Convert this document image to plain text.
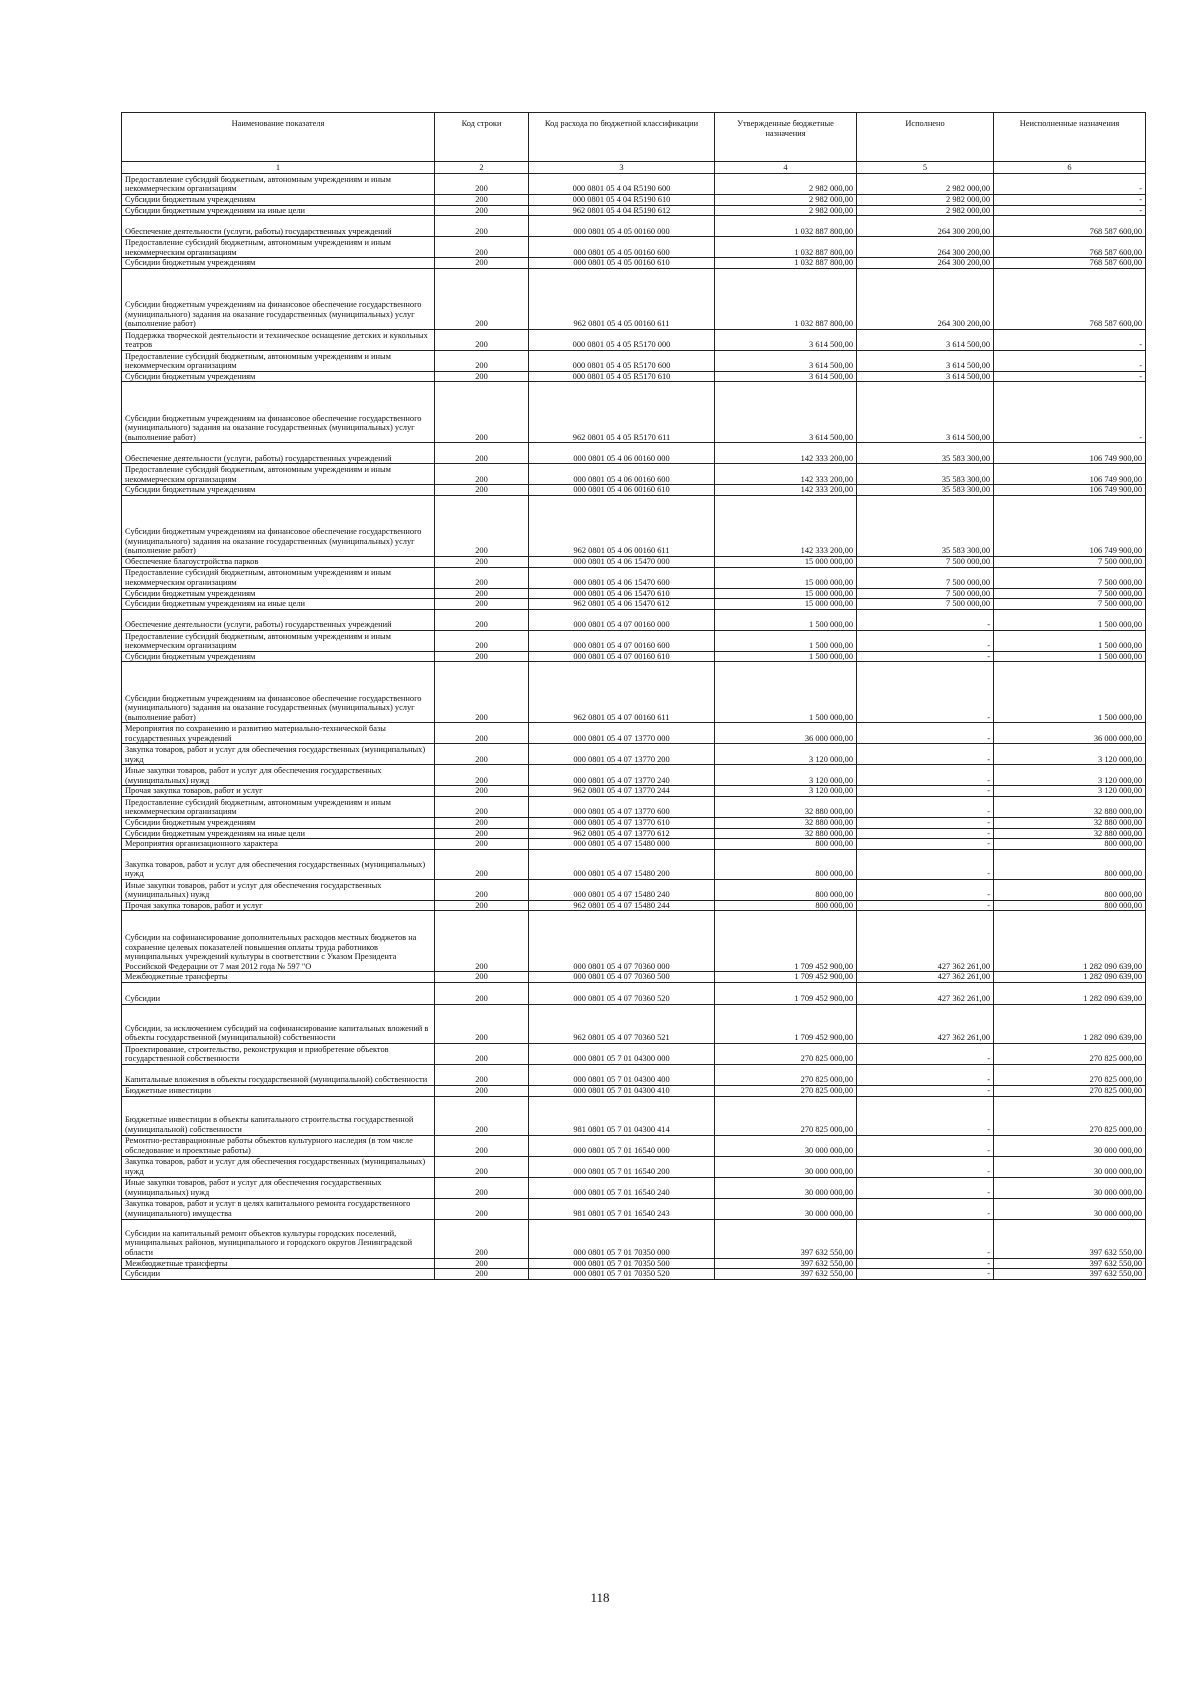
Наименование показателя	Код строки	Код расхода по бюджетной классификации	Утвержденные бюджетные назначения	Исполнено	Неисполненные назначения
1	2	3	4	5	6
Предоставление субсидий бюджетным, автономным учреждениям и иным некоммерческим организациям	200	000 0801 05 4 04 R5190 600	2 982 000,00	2 982 000,00	-
Субсидии бюджетным учреждениям	200	000 0801 05 4 04 R5190 610	2 982 000,00	2 982 000,00	-
Субсидии бюджетным учреждениям на иные цели	200	962 0801 05 4 04 R5190 612	2 982 000,00	2 982 000,00	-
Обеспечение деятельности (услуги, работы) государственных учреждений	200	000 0801 05 4 05 00160 000	1 032 887 800,00	264 300 200,00	768 587 600,00
Предоставление субсидий бюджетным, автономным учреждениям и иным некоммерческим организациям	200	000 0801 05 4 05 00160 600	1 032 887 800,00	264 300 200,00	768 587 600,00
Субсидии бюджетным учреждениям	200	000 0801 05 4 05 00160 610	1 032 887 800,00	264 300 200,00	768 587 600,00
Субсидии бюджетным учреждениям на финансовое обеспечение государственного (муниципального) задания на оказание государственных (муниципальных) услуг (выполнение работ)	200	962 0801 05 4 05 00160 611	1 032 887 800,00	264 300 200,00	768 587 600,00
Поддержка творческой деятельности и техническое оснащение детских и кукольных театров	200	000 0801 05 4 05 R5170 000	3 614 500,00	3 614 500,00	-
Предоставление субсидий бюджетным, автономным учреждениям и иным некоммерческим организациям	200	000 0801 05 4 05 R5170 600	3 614 500,00	3 614 500,00	-
Субсидии бюджетным учреждениям	200	000 0801 05 4 05 R5170 610	3 614 500,00	3 614 500,00	-
Субсидии бюджетным учреждениям на финансовое обеспечение государственного (муниципального) задания на оказание государственных (муниципальных) услуг (выполнение работ)	200	962 0801 05 4 05 R5170 611	3 614 500,00	3 614 500,00	-
Обеспечение деятельности (услуги, работы) государственных учреждений	200	000 0801 05 4 06 00160 000	142 333 200,00	35 583 300,00	106 749 900,00
Предоставление субсидий бюджетным, автономным учреждениям и иным некоммерческим организациям	200	000 0801 05 4 06 00160 600	142 333 200,00	35 583 300,00	106 749 900,00
Субсидии бюджетным учреждениям	200	000 0801 05 4 06 00160 610	142 333 200,00	35 583 300,00	106 749 900,00
Субсидии бюджетным учреждениям на финансовое обеспечение государственного (муниципального) задания на оказание государственных (муниципальных) услуг (выполнение работ)	200	962 0801 05 4 06 00160 611	142 333 200,00	35 583 300,00	106 749 900,00
Обеспечение благоустройства парков	200	000 0801 05 4 06 15470 000	15 000 000,00	7 500 000,00	7 500 000,00
Предоставление субсидий бюджетным, автономным учреждениям и иным некоммерческим организациям	200	000 0801 05 4 06 15470 600	15 000 000,00	7 500 000,00	7 500 000,00
Субсидии бюджетным учреждениям	200	000 0801 05 4 06 15470 610	15 000 000,00	7 500 000,00	7 500 000,00
Субсидии бюджетным учреждениям на иные цели	200	962 0801 05 4 06 15470 612	15 000 000,00	7 500 000,00	7 500 000,00
Обеспечение деятельности (услуги, работы) государственных учреждений	200	000 0801 05 4 07 00160 000	1 500 000,00	-	1 500 000,00
Предоставление субсидий бюджетным, автономным учреждениям и иным некоммерческим организациям	200	000 0801 05 4 07 00160 600	1 500 000,00	-	1 500 000,00
Субсидии бюджетным учреждениям	200	000 0801 05 4 07 00160 610	1 500 000,00	-	1 500 000,00
Субсидии бюджетным учреждениям на финансовое обеспечение государственного (муниципального) задания на оказание государственных (муниципальных) услуг (выполнение работ)	200	962 0801 05 4 07 00160 611	1 500 000,00	-	1 500 000,00
Мероприятия по сохранению и развитию материально-технической базы государственных учреждений	200	000 0801 05 4 07 13770 000	36 000 000,00	-	36 000 000,00
Закупка товаров, работ и услуг для обеспечения государственных (муниципальных) нужд	200	000 0801 05 4 07 13770 200	3 120 000,00	-	3 120 000,00
Иные закупки товаров, работ и услуг для обеспечения государственных (муниципальных) нужд	200	000 0801 05 4 07 13770 240	3 120 000,00	-	3 120 000,00
Прочая закупка товаров, работ и услуг	200	962 0801 05 4 07 13770 244	3 120 000,00	-	3 120 000,00
Предоставление субсидий бюджетным, автономным учреждениям и иным некоммерческим организациям	200	000 0801 05 4 07 13770 600	32 880 000,00	-	32 880 000,00
Субсидии бюджетным учреждениям	200	000 0801 05 4 07 13770 610	32 880 000,00	-	32 880 000,00
Субсидии бюджетным учреждениям на иные цели	200	962 0801 05 4 07 13770 612	32 880 000,00	-	32 880 000,00
Мероприятия организационного характера	200	000 0801 05 4 07 15480 000	800 000,00	-	800 000,00
Закупка товаров, работ и услуг для обеспечения государственных (муниципальных) нужд	200	000 0801 05 4 07 15480 200	800 000,00	-	800 000,00
Иные закупки товаров, работ и услуг для обеспечения государственных (муниципальных) нужд	200	000 0801 05 4 07 15480 240	800 000,00	-	800 000,00
Прочая закупка товаров, работ и услуг	200	962 0801 05 4 07 15480 244	800 000,00	-	800 000,00
Субсидии на софинансирование дополнительных расходов местных бюджетов на сохранение целевых показателей повышения оплаты труда работников муниципальных учреждений культуры в соответствии с Указом Президента Российской Федерации от 7 мая 2012 года № 597 "О	200	000 0801 05 4 07 70360 000	1 709 452 900,00	427 362 261,00	1 282 090 639,00
Межбюджетные трансферты	200	000 0801 05 4 07 70360 500	1 709 452 900,00	427 362 261,00	1 282 090 639,00
Субсидии	200	000 0801 05 4 07 70360 520	1 709 452 900,00	427 362 261,00	1 282 090 639,00
Субсидии, за исключением субсидий на софинансирование капитальных вложений в объекты государственной (муниципальной) собственности	200	962 0801 05 4 07 70360 521	1 709 452 900,00	427 362 261,00	1 282 090 639,00
Проектирование, строительство, реконструкция и приобретение объектов государственной собственности	200	000 0801 05 7 01 04300 000	270 825 000,00	-	270 825 000,00
Капитальные вложения в объекты государственной (муниципальной) собственности	200	000 0801 05 7 01 04300 400	270 825 000,00	-	270 825 000,00
Бюджетные инвестиции	200	000 0801 05 7 01 04300 410	270 825 000,00	-	270 825 000,00
Бюджетные инвестиции в объекты капитального строительства государственной (муниципальной) собственности	200	981 0801 05 7 01 04300 414	270 825 000,00	-	270 825 000,00
Ремонтно-реставрационные работы объектов культурного наследия (в том числе обследование и проектные работы)	200	000 0801 05 7 01 16540 000	30 000 000,00	-	30 000 000,00
Закупка товаров, работ и услуг для обеспечения государственных (муниципальных) нужд	200	000 0801 05 7 01 16540 200	30 000 000,00	-	30 000 000,00
Иные закупки товаров, работ и услуг для обеспечения государственных (муниципальных) нужд	200	000 0801 05 7 01 16540 240	30 000 000,00	-	30 000 000,00
Закупка товаров, работ и услуг в целях капитального ремонта государственного (муниципального) имущества	200	981 0801 05 7 01 16540 243	30 000 000,00	-	30 000 000,00
Субсидии на капитальный ремонт объектов культуры городских поселений, муниципальных районов, муниципального и городского округов Ленинградской области	200	000 0801 05 7 01 70350 000	397 632 550,00	-	397 632 550,00
Межбюджетные трансферты	200	000 0801 05 7 01 70350 500	397 632 550,00	-	397 632 550,00
Субсидии	200	000 0801 05 7 01 70350 520	397 632 550,00	-	397 632 550,00
118
